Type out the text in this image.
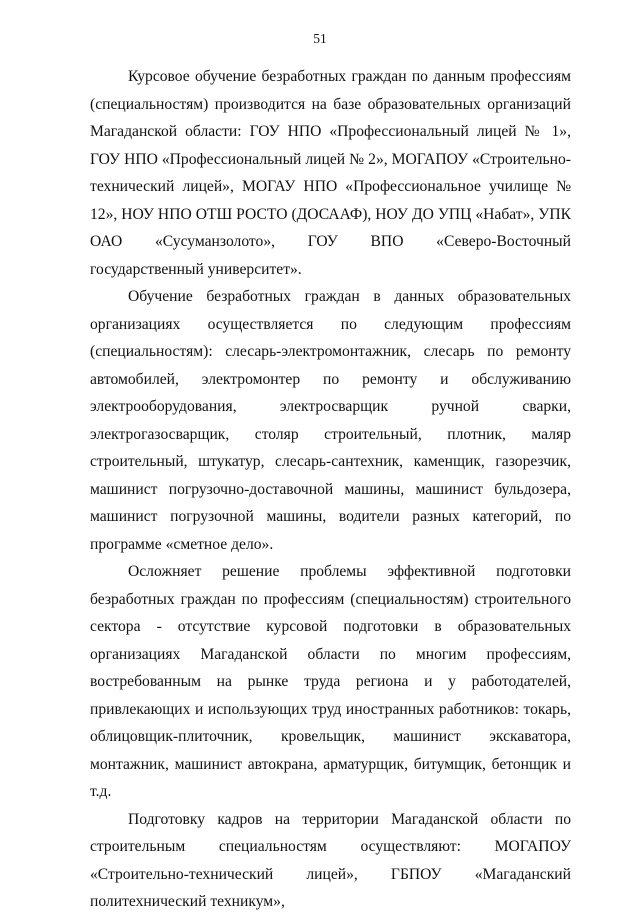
51

Курсовое обучение безработных граждан по данным профессиям (специальностям) производится на базе образовательных организаций Магаданской области: ГОУ НПО «Профессиональный лицей № 1», ГОУ НПО «Профессиональный лицей № 2», МОГАПОУ «Строительно-технический лицей», МОГАУ НПО «Профессиональное училище № 12», НОУ НПО ОТШ РОСТО (ДОСААФ), НОУ ДО УПЦ «Набат», УПК ОАО «Сусуманзолото», ГОУ ВПО «Северо-Восточный государственный университет».

Обучение безработных граждан в данных образовательных организациях осуществляется по следующим профессиям (специальностям): слесарь-электромонтажник, слесарь по ремонту автомобилей, электромонтер по ремонту и обслуживанию электрооборудования, электросварщик ручной сварки, электрогазосварщик, столяр строительный, плотник, маляр строительный, штукатур, слесарь-сантехник, каменщик, газорезчик, машинист погрузочно-доставочной машины, машинист бульдозера, машинист погрузочной машины, водители разных категорий, по программе «сметное дело».

Осложняет решение проблемы эффективной подготовки безработных граждан по профессиям (специальностям) строительного сектора - отсутствие курсовой подготовки в образовательных организациях Магаданской области по многим профессиям, востребованным на рынке труда региона и у работодателей, привлекающих и использующих труд иностранных работников: токарь, облицовщик-плиточник, кровельщик, машинист экскаватора, монтажник, машинист автокрана, арматурщик, битумщик, бетонщик и т.д.

Подготовку кадров на территории Магаданской области по строительным специальностям осуществляют: МОГАПОУ «Строительно-технический лицей», ГБПОУ «Магаданский политехнический техникум»,
